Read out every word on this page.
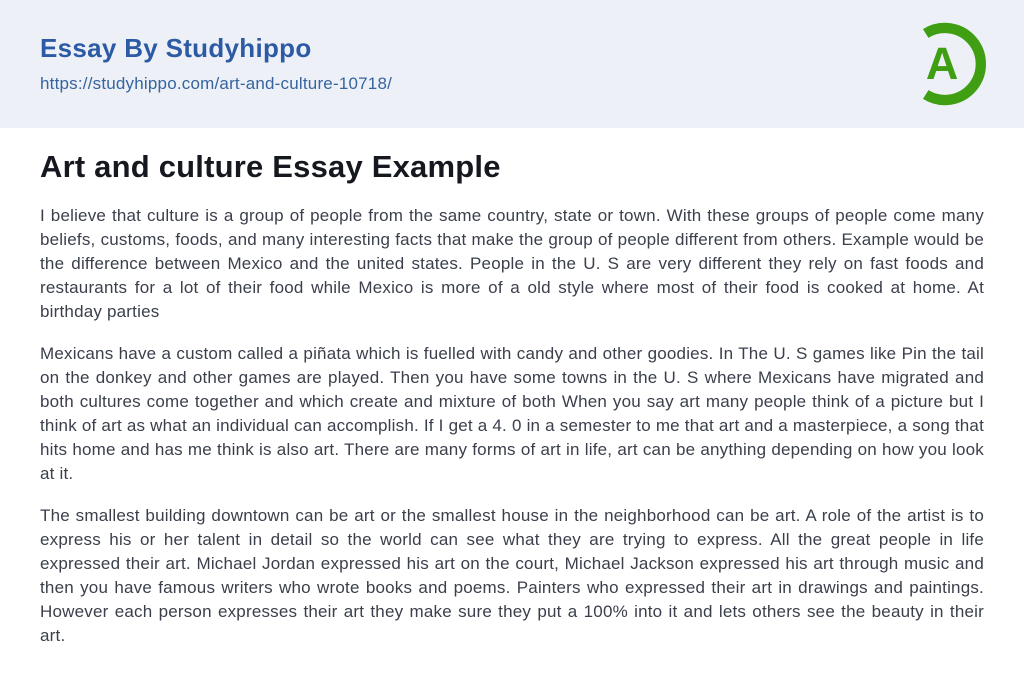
Essay By Studyhippo
https://studyhippo.com/art-and-culture-10718/	A
Art and culture Essay Example

I believe that culture is a group of people from the same country, state or town. With these groups of people come many beliefs, customs, foods, and many interesting facts that make the group of people different from others. Example would be the difference between Mexico and the united states. People in the U. S are very different they rely on fast foods and restaurants for a lot of their food while Mexico is more of a old style where most of their food is cooked at home. At birthday parties

Mexicans have a custom called a piñata which is fuelled with candy and other goodies. In The U. S games like Pin the tail on the donkey and other games are played. Then you have some towns in the U. S where Mexicans have migrated and both cultures come together and which create and mixture of both When you say art many people think of a picture but I think of art as what an individual can accomplish. If I get a 4. 0 in a semester to me that art and a masterpiece, a song that hits home and has me think is also art. There are many forms of art in life, art can be anything depending on how you look at it.

The smallest building downtown can be art or the smallest house in the neighborhood can be art. A role of the artist is to express his or her talent in detail so the world can see what they are trying to express. All the great people in life expressed their art. Michael Jordan expressed his art on the court, Michael Jackson expressed his art through music and then you have famous writers who wrote books and poems. Painters who expressed their art in drawings and paintings. However each person expresses their art they make sure they put a 100% into it and lets others see the beauty in their art.
